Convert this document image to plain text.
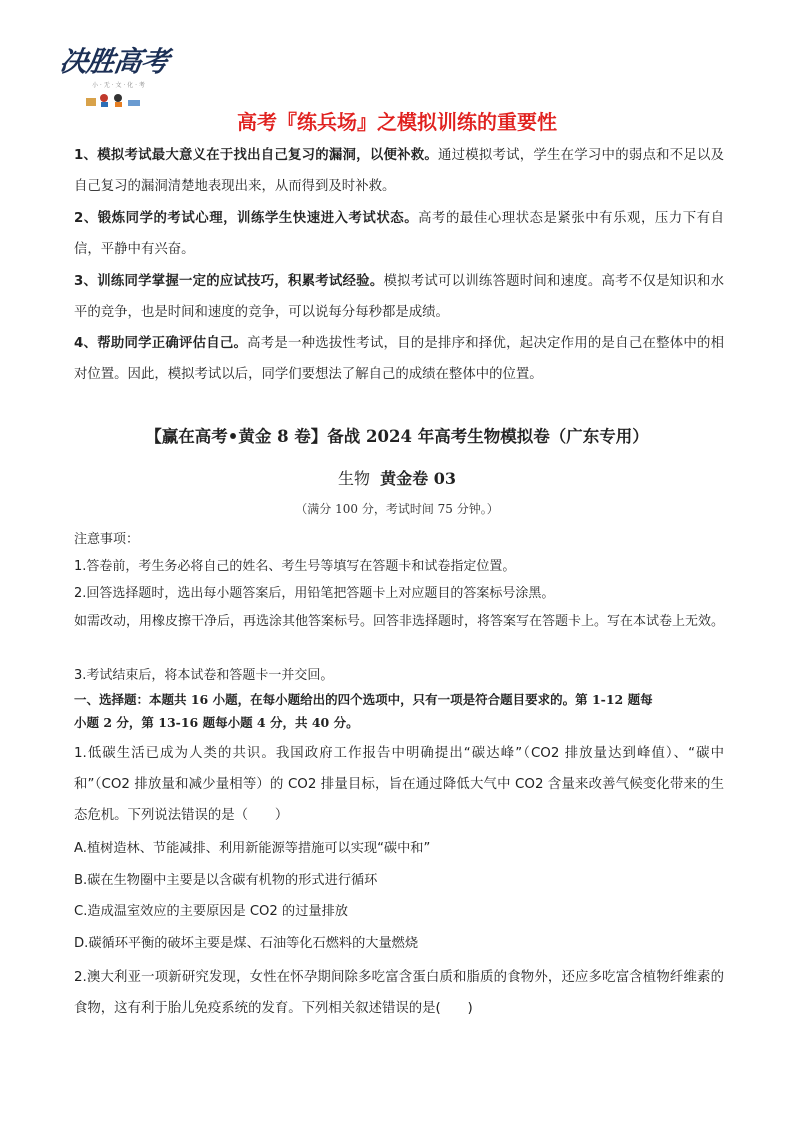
决胜高考
小 · 无 · 文 · 化 · 考
高考『练兵场』之模拟训练的重要性
1、模拟考试最大意义在于找出自己复习的漏洞，以便补救。通过模拟考试，学生在学习中的弱点和不足以及自己复习的漏洞清楚地表现出来，从而得到及时补救。
2、锻炼同学的考试心理，训练学生快速进入考试状态。高考的最佳心理状态是紧张中有乐观，压力下有自信，平静中有兴奋。
3、训练同学掌握一定的应试技巧，积累考试经验。模拟考试可以训练答题时间和速度。高考不仅是知识和水平的竞争，也是时间和速度的竞争，可以说每分每秒都是成绩。
4、帮助同学正确评估自己。高考是一种选拔性考试，目的是排序和择优，起决定作用的是自己在整体中的相对位置。因此，模拟考试以后，同学们要想法了解自己的成绩在整体中的位置。
【赢在高考•黄金 8 卷】备战 2024 年高考生物模拟卷（广东专用）
生物 黄金卷 03
（满分 100 分，考试时间 75 分钟。）
注意事项：
1.答卷前，考生务必将自己的姓名、考生号等填写在答题卡和试卷指定位置。
2.回答选择题时，选出每小题答案后，用铅笔把答题卡上对应题目的答案标号涂黑。
如需改动，用橡皮擦干净后，再选涂其他答案标号。回答非选择题时，将答案写在答题卡上。写在本试卷上无效。
3.考试结束后，将本试卷和答题卡一并交回。
一、选择题：本题共 16 小题，在每小题给出的四个选项中，只有一项是符合题目要求的。第 1-12 题每
小题 2 分，第 13-16 题每小题 4 分，共 40 分。
1.低碳生活已成为人类的共识。我国政府工作报告中明确提出“碳达峰”（CO2 排放量达到峰值）、“碳中和”（CO2 排放量和减少量相等）的 CO2 排量目标，旨在通过降低大气中 CO2 含量来改善气候变化带来的生态危机。下列说法错误的是（　　）
A.植树造林、节能减排、利用新能源等措施可以实现“碳中和”
B.碳在生物圈中主要是以含碳有机物的形式进行循环
C.造成温室效应的主要原因是 CO2 的过量排放
D.碳循环平衡的破坏主要是煤、石油等化石燃料的大量燃烧
2.澳大利亚一项新研究发现，女性在怀孕期间除多吃富含蛋白质和脂质的食物外，还应多吃富含植物纤维素的食物，这有利于胎儿免疫系统的发育。下列相关叙述错误的是(　　)
